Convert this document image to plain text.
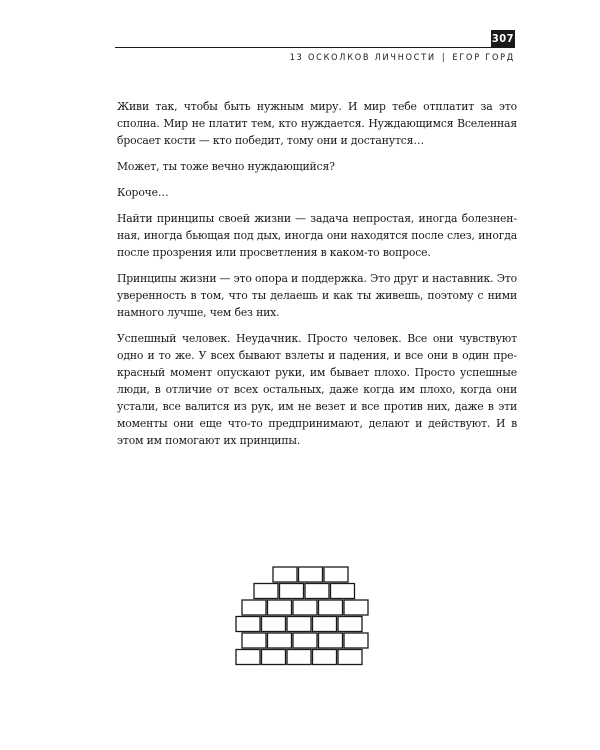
307
13 ОСКОЛКОВ ЛИЧНОСТИ | ЕГОР ГОРД

Живи так, чтобы быть нужным миру. И мир тебе отплатит за это сполна. Мир не платит тем, кто нуждается. Нуждающимся Вселенная бросает кости — кто победит, тому они и достанутся…

Может, ты тоже вечно нуждающийся?

Короче…

Найти принципы своей жизни — задача непростая, иногда болезненная, иногда бьющая под дых, иногда они находятся после слез, иногда после прозрения или просветления в каком-то вопросе.

Принципы жизни — это опора и поддержка. Это друг и наставник. Это уверенность в том, что ты делаешь и как ты живешь, поэтому с ними намного лучше, чем без них.

Успешный человек. Неудачник. Просто человек. Все они чувствуют одно и то же. У всех бывают взлеты и падения, и все они в один прекрасный момент опускают руки, им бывает плохо. Просто успешные люди, в отличие от всех остальных, даже когда им плохо, когда они устали, все валится из рук, им не везет и все против них, даже в эти моменты они еще что-то предпринимают, делают и действуют. И в этом им помогают их принципы.
